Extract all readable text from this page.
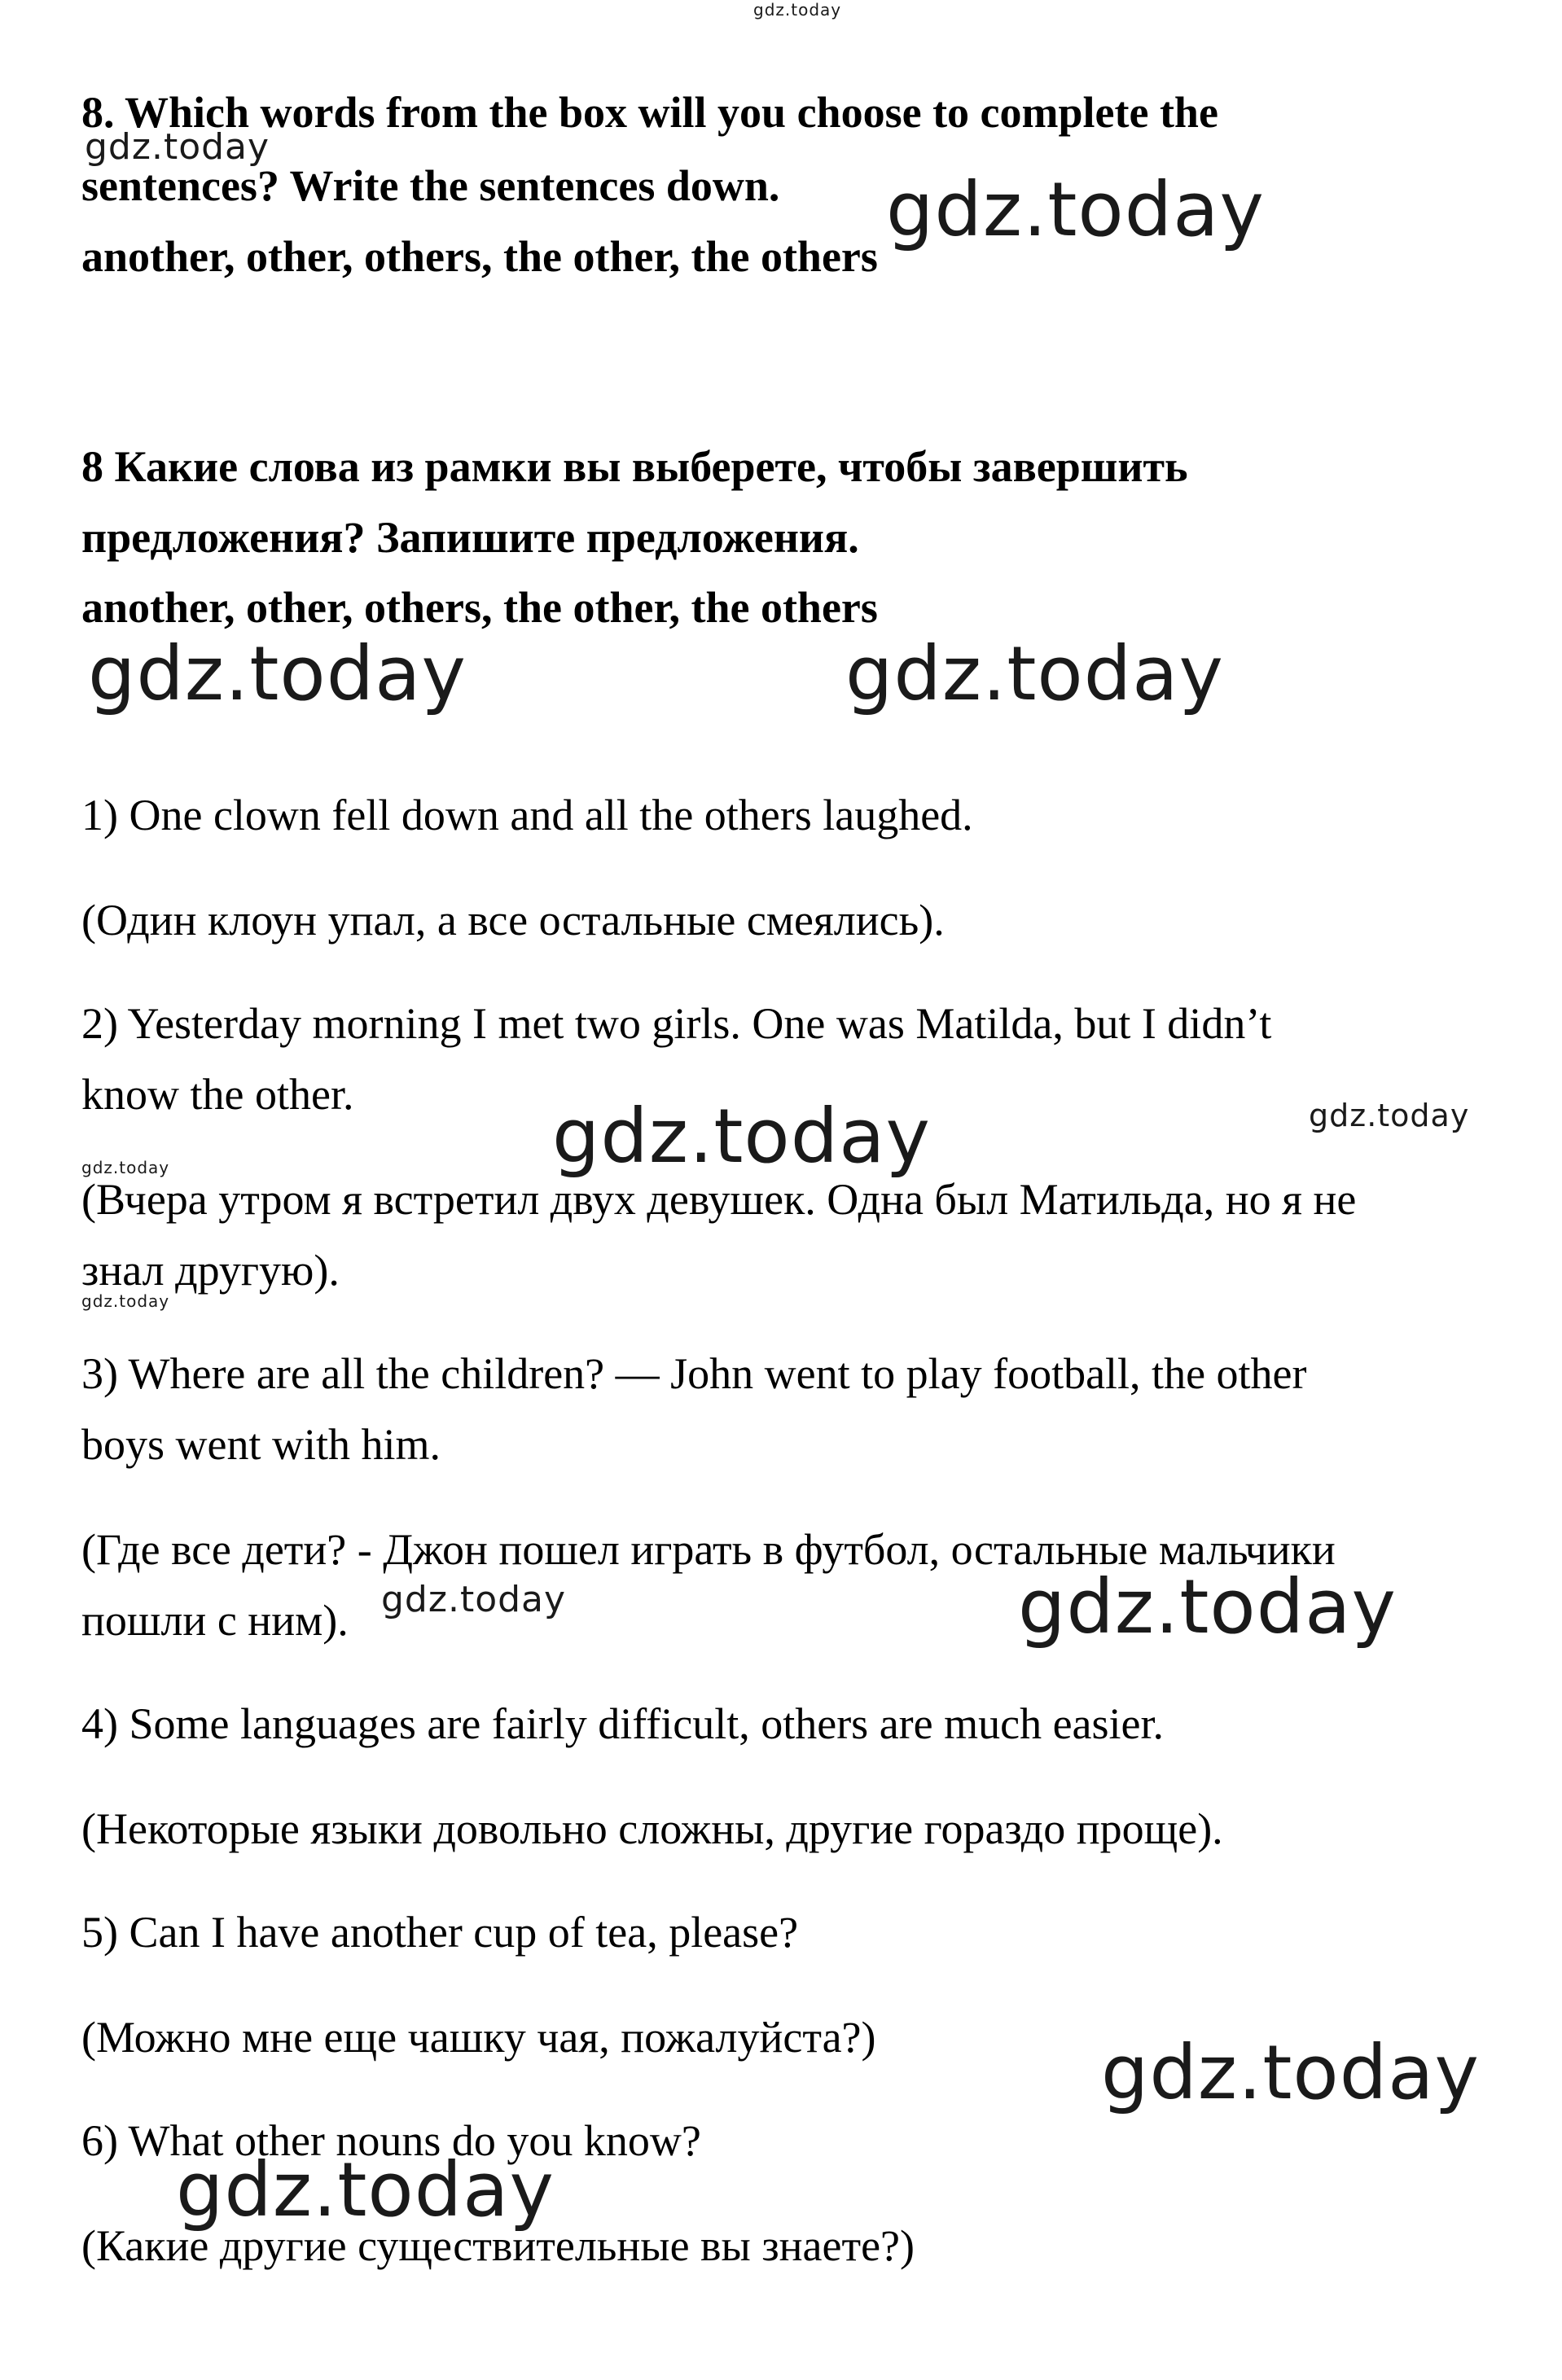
gdz.today
8. Which words from the box will you choose to complete the
sentences? Write the sentences down.
another, other, others, the other, the others
8 Какие слова из рамки вы выберете, чтобы завершить
предложения? Запишите предложения.
another, other, others, the other, the others
1) One clown fell down and all the others laughed.
(Один клоун упал, а все остальные смеялись).
2) Yesterday morning I met two girls. One was Matilda, but I didn’t
know the other.
(Вчера утром я встретил двух девушек. Одна был Матильда, но я не
знал другую).
3) Where are all the children? — John went to play football, the other
boys went with him.
(Где все дети? - Джон пошел играть в футбол, остальные мальчики
пошли с ним).
4) Some languages are fairly difficult, others are much easier.
(Некоторые языки довольно сложны, другие гораздо проще).
5) Can I have another cup of tea, please?
(Можно мне еще чашку чая, пожалуйста?)
6) What other nouns do you know?
(Какие другие существительные вы знаете?)
gdz.today
gdz.today
gdz.today	gdz.today
gdz.today	gdz.today
gdz.today
gdz.today
gdz.today	gdz.today
gdz.today
gdz.today
